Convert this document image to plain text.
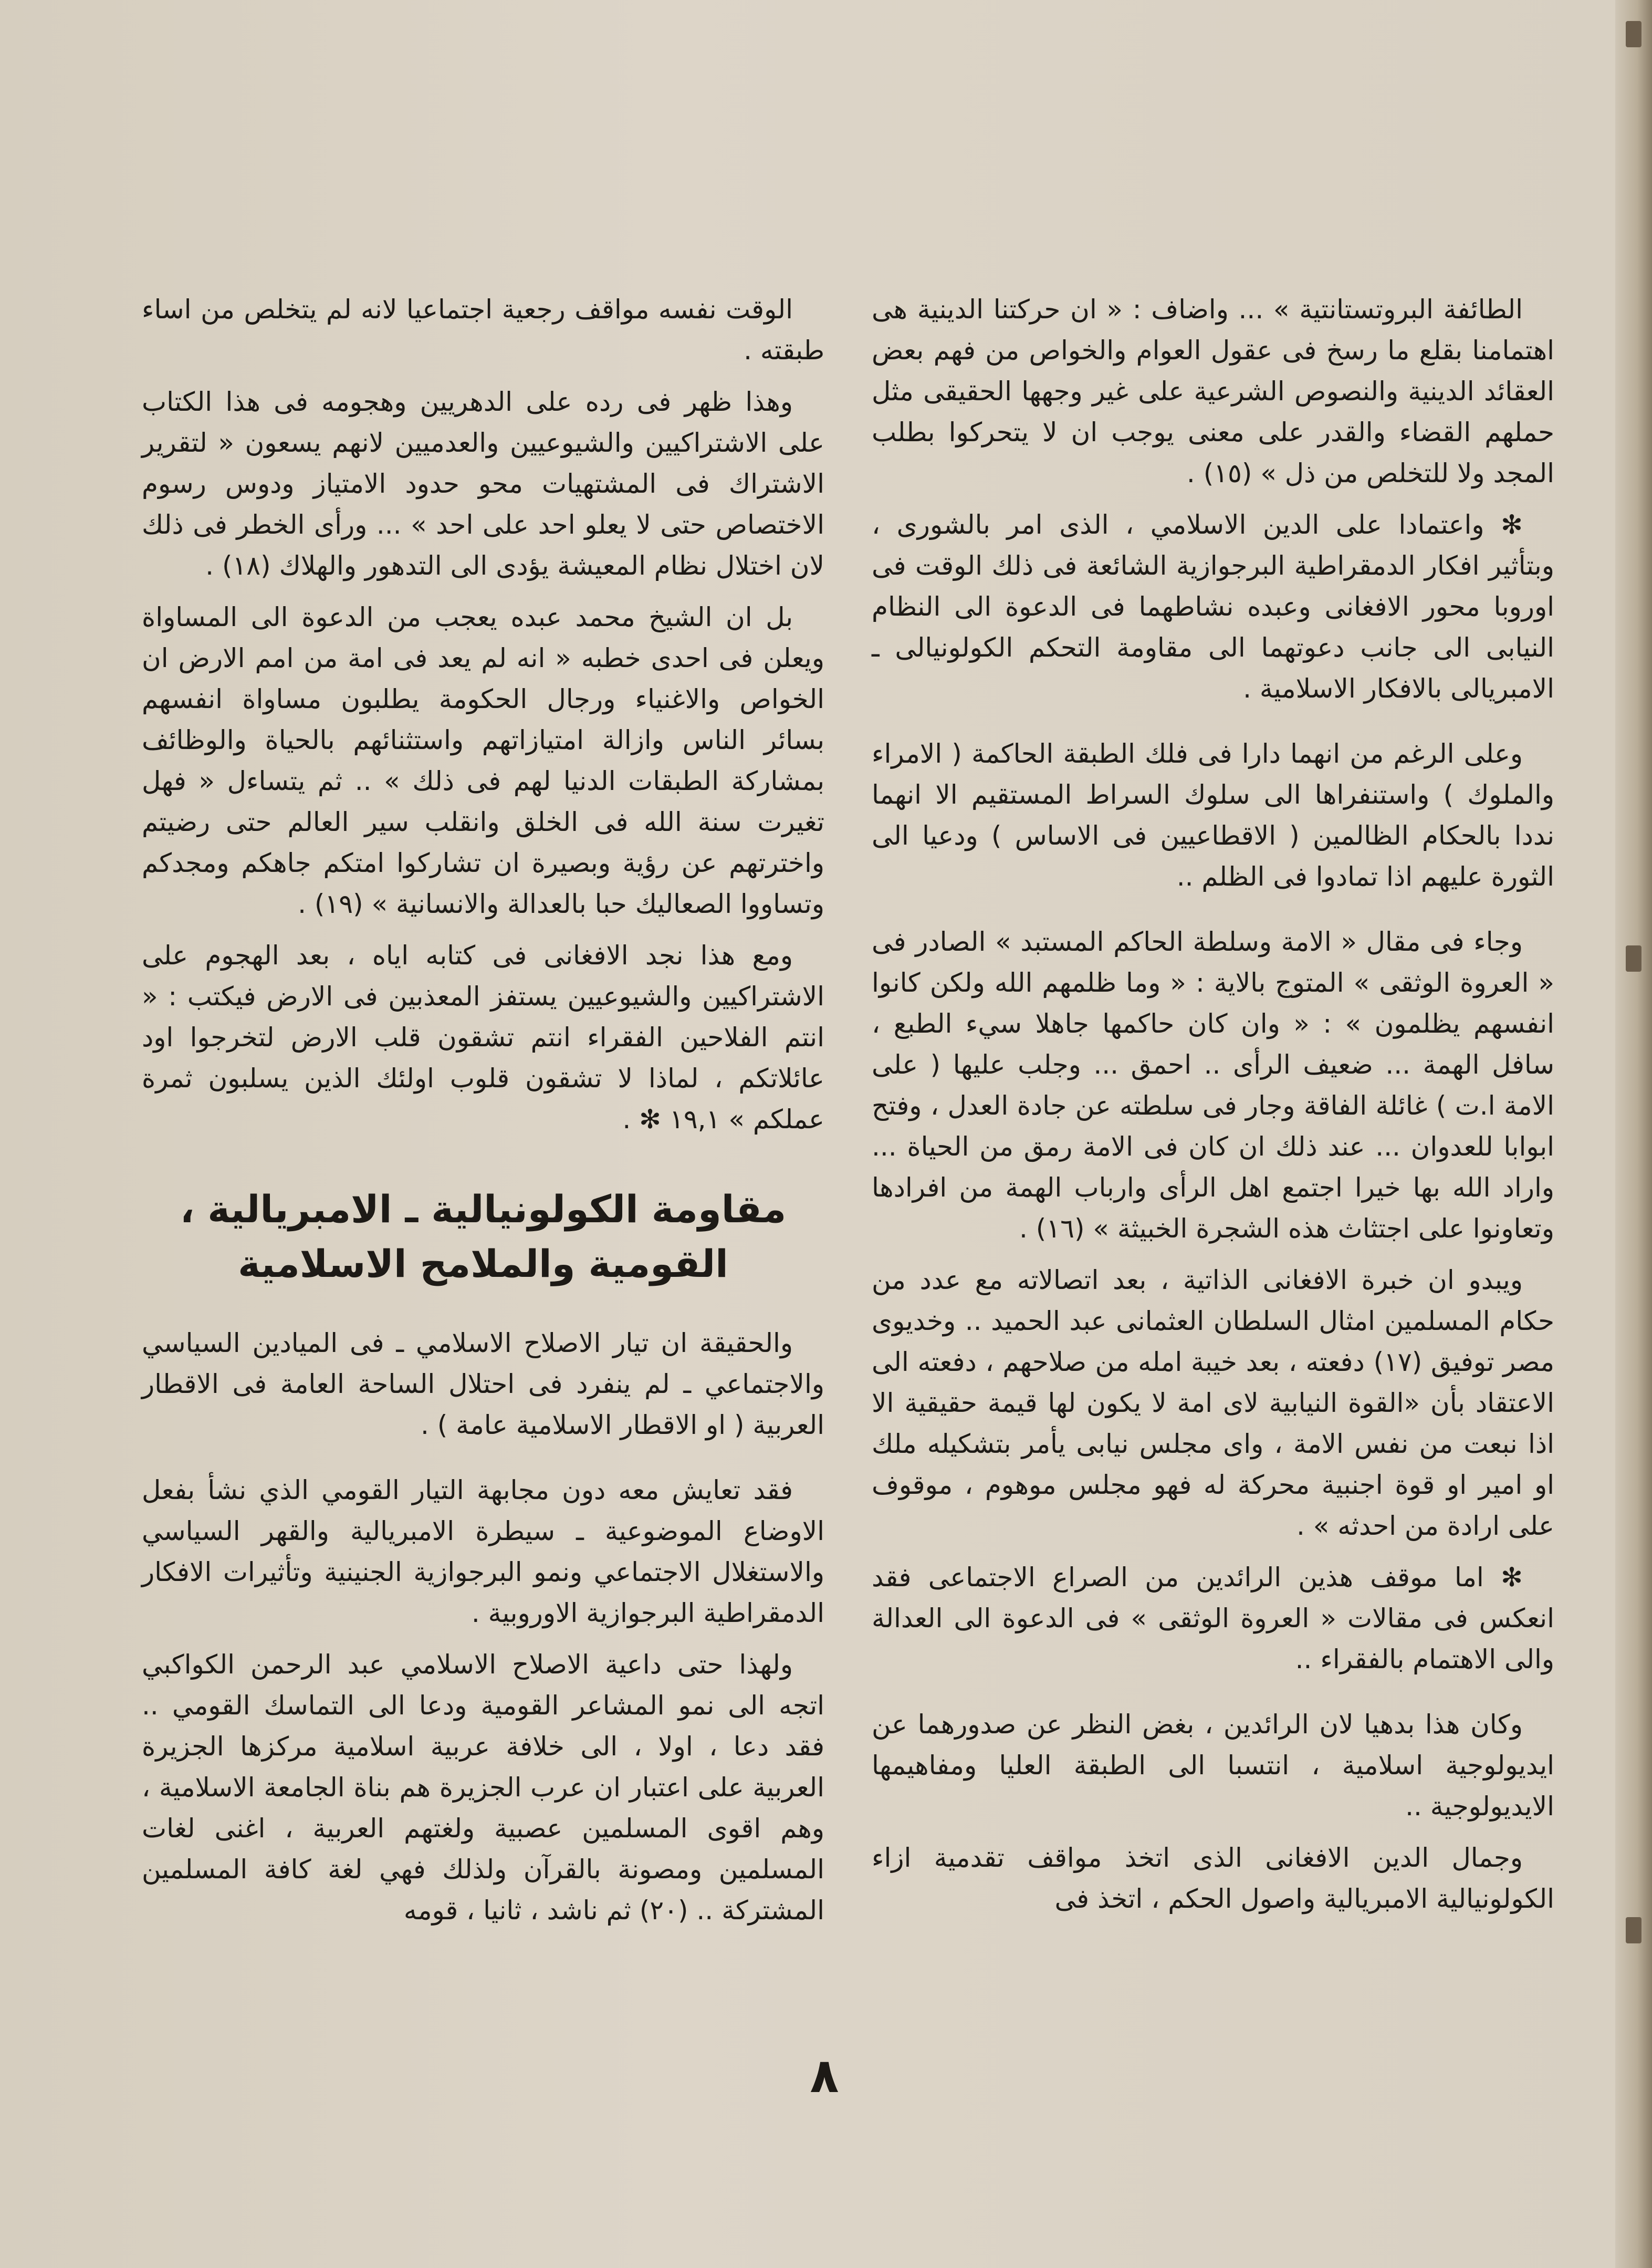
الطائفة البروتستانتية » ... واضاف : « ان حركتنا الدينية هى اهتمامنا بقلع ما رسخ فى عقول العوام والخواص من فهم بعض العقائد الدينية والنصوص الشرعية على غير وجهها الحقيقى مثل حملهم القضاء والقدر على معنى يوجب ان لا يتحركوا بطلب المجد ولا للتخلص من ذل » (١٥) .

✻ واعتمادا على الدين الاسلامي ، الذى امر بالشورى ، وبتأثير افكار الدمقراطية البرجوازية الشائعة فى ذلك الوقت فى اوروبا محور الافغانى وعبده نشاطهما فى الدعوة الى النظام النيابى الى جانب دعوتهما الى مقاومة التحكم الكولونيالى ـ الامبريالى بالافكار الاسلامية .

وعلى الرغم من انهما دارا فى فلك الطبقة الحاكمة ( الامراء والملوك ) واستنفراها الى سلوك السراط المستقيم الا انهما نددا بالحكام الظالمين ( الاقطاعيين فى الاساس ) ودعيا الى الثورة عليهم اذا تمادوا فى الظلم ..

وجاء فى مقال « الامة وسلطة الحاكم المستبد » الصادر فى « العروة الوثقى » المتوج بالاية : « وما ظلمهم الله ولكن كانوا انفسهم يظلمون » : « وان كان حاكمها جاهلا سيء الطبع ، سافل الهمة ... ضعيف الرأى .. احمق ... وجلب عليها ( على الامة ا.ت ) غائلة الفاقة وجار فى سلطته عن جادة العدل ، وفتح ابوابا للعدوان ... عند ذلك ان كان فى الامة رمق من الحياة ... واراد الله بها خيرا اجتمع اهل الرأى وارباب الهمة من افرادها وتعاونوا على اجتثاث هذه الشجرة الخبيثة » (١٦) .

ويبدو ان خبرة الافغانى الذاتية ، بعد اتصالاته مع عدد من حكام المسلمين امثال السلطان العثمانى عبد الحميد .. وخديوى مصر توفيق (١٧) دفعته ، بعد خيبة امله من صلاحهم ، دفعته الى الاعتقاد بأن «القوة النيابية لاى امة لا يكون لها قيمة حقيقية الا اذا نبعت من نفس الامة ، واى مجلس نيابى يأمر بتشكيله ملك او امير او قوة اجنبية محركة له فهو مجلس موهوم ، موقوف على ارادة من احدثه » .

✻ اما موقف هذين الرائدين من الصراع الاجتماعى فقد انعكس فى مقالات « العروة الوثقى » فى الدعوة الى العدالة والى الاهتمام بالفقراء ..

وكان هذا بدهيا لان الرائدين ، بغض النظر عن صدورهما عن ايديولوجية اسلامية ، انتسبا الى الطبقة العليا ومفاهيمها الايديولوجية ..

وجمال الدين الافغانى الذى اتخذ مواقف تقدمية ازاء الكولونيالية الامبريالية واصول الحكم ، اتخذ فى

الوقت نفسه مواقف رجعية اجتماعيا لانه لم يتخلص من اساء طبقته .

وهذا ظهر فى رده على الدهريين وهجومه فى هذا الكتاب على الاشتراكيين والشيوعيين والعدميين لانهم يسعون « لتقرير الاشتراك فى المشتهيات محو حدود الامتياز ودوس رسوم الاختصاص حتى لا يعلو احد على احد » ... ورأى الخطر فى ذلك لان اختلال نظام المعيشة يؤدى الى التدهور والهلاك (١٨) .

بل ان الشيخ محمد عبده يعجب من الدعوة الى المساواة ويعلن فى احدى خطبه « انه لم يعد فى امة من امم الارض ان الخواص والاغنياء ورجال الحكومة يطلبون مساواة انفسهم بسائر الناس وازالة امتيازاتهم واستثنائهم بالحياة والوظائف بمشاركة الطبقات الدنيا لهم فى ذلك » .. ثم يتساءل « فهل تغيرت سنة الله فى الخلق وانقلب سير العالم حتى رضيتم واخترتهم عن رؤية وبصيرة ان تشاركوا امتكم جاهكم ومجدكم وتساووا الصعاليك حبا بالعدالة والانسانية » (١٩) .

ومع هذا نجد الافغانى فى كتابه اياه ، بعد الهجوم على الاشتراكيين والشيوعيين يستفز المعذبين فى الارض فيكتب : « انتم الفلاحين الفقراء انتم تشقون قلب الارض لتخرجوا اود عائلاتكم ، لماذا لا تشقون قلوب اولئك الذين يسلبون ثمرة عملكم » ١٩,١ ✻ .

مقاومة الكولونيالية ـ الامبريالية ،
القومية والملامح الاسلامية

والحقيقة ان تيار الاصلاح الاسلامي ـ فى الميادين السياسي والاجتماعي ـ لم ينفرد فى احتلال الساحة العامة فى الاقطار العربية ( او الاقطار الاسلامية عامة ) .

فقد تعايش معه دون مجابهة التيار القومي الذي نشأ بفعل الاوضاع الموضوعية ـ سيطرة الامبريالية والقهر السياسي والاستغلال الاجتماعي ونمو البرجوازية الجنينية وتأثيرات الافكار الدمقراطية البرجوازية الاوروبية .

ولهذا حتى داعية الاصلاح الاسلامي عبد الرحمن الكواكبي اتجه الى نمو المشاعر القومية ودعا الى التماسك القومي .. فقد دعا ، اولا ، الى خلافة عربية اسلامية مركزها الجزيرة العربية على اعتبار ان عرب الجزيرة هم بناة الجامعة الاسلامية ، وهم اقوى المسلمين عصبية ولغتهم العربية ، اغنى لغات المسلمين ومصونة بالقرآن ولذلك فهي لغة كافة المسلمين المشتركة .. (٢٠) ثم ناشد ، ثانيا ، قومه

٨
